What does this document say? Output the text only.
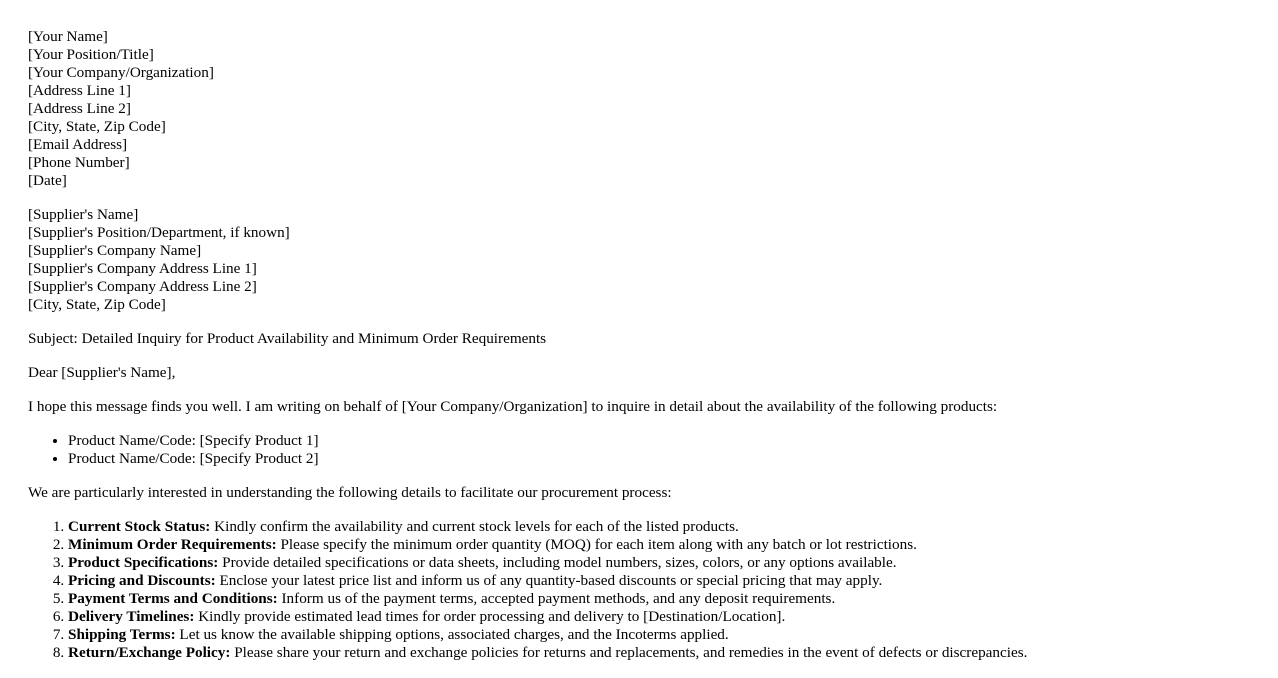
[Your Name]
[Your Position/Title]
[Your Company/Organization]
[Address Line 1]
[Address Line 2]
[City, State, Zip Code]
[Email Address]
[Phone Number]
[Date]
[Supplier's Name]
[Supplier's Position/Department, if known]
[Supplier's Company Name]
[Supplier's Company Address Line 1]
[Supplier's Company Address Line 2]
[City, State, Zip Code]

Subject: Detailed Inquiry for Product Availability and Minimum Order Requirements

Dear [Supplier's Name],

I hope this message finds you well. I am writing on behalf of [Your Company/Organization] to inquire in detail about the availability of the following products:

• Product Name/Code: [Specify Product 1]
• Product Name/Code: [Specify Product 2]

We are particularly interested in understanding the following details to facilitate our procurement process:

1. Current Stock Status: Kindly confirm the availability and current stock levels for each of the listed products.
2. Minimum Order Requirements: Please specify the minimum order quantity (MOQ) for each item along with any batch or lot restrictions.
3. Product Specifications: Provide detailed specifications or data sheets, including model numbers, sizes, colors, or any options available.
4. Pricing and Discounts: Enclose your latest price list and inform us of any quantity-based discounts or special pricing that may apply.
5. Payment Terms and Conditions: Inform us of the payment terms, accepted payment methods, and any deposit requirements.
6. Delivery Timelines: Kindly provide estimated lead times for order processing and delivery to [Destination/Location].
7. Shipping Terms: Let us know the available shipping options, associated charges, and the Incoterms applied.
8. Return/Exchange Policy: Please share your return and exchange policies for returns and replacements, and remedies in the event of defects or discrepancies.
